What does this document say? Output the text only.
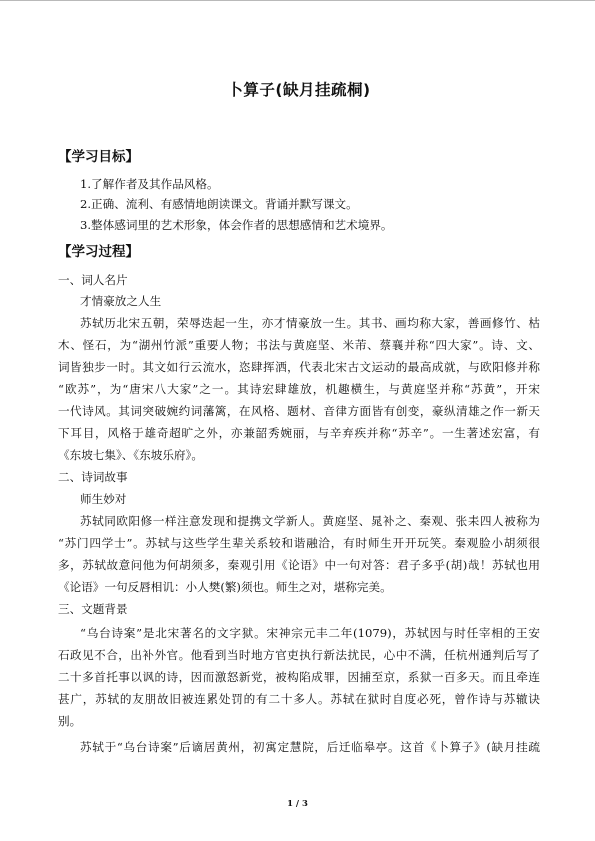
卜算子(缺月挂疏桐)
【学习目标】
1.了解作者及其作品风格。
2.正确、流利、有感情地朗读课文。背诵并默写课文。
3.整体感词里的艺术形象，体会作者的思想感情和艺术境界。
【学习过程】
一、词人名片
才情豪放之人生
苏轼历北宋五朝，荣辱迭起一生，亦才情豪放一生。其书、画均称大家，善画修竹、枯
木、怪石，为“湖州竹派”重要人物；书法与黄庭坚、米芾、蔡襄并称“四大家”。诗、文、
词皆独步一时。其文如行云流水，恣肆挥洒，代表北宋古文运动的最高成就，与欧阳修并称
“欧苏”，为“唐宋八大家”之一。其诗宏肆雄放，机趣横生，与黄庭坚并称“苏黄”，开宋
一代诗风。其词突破婉约词藩篱，在风格、题材、音律方面皆有创变，豪纵清雄之作一新天
下耳目，风格于雄奇超旷之外，亦兼韶秀婉丽，与辛弃疾并称“苏辛”。一生著述宏富，有
《东坡七集》、《东坡乐府》。
二、诗词故事
师生妙对
苏轼同欧阳修一样注意发现和提携文学新人。黄庭坚、晁补之、秦观、张耒四人被称为
“苏门四学士”。苏轼与这些学生辈关系较和谐融洽，有时师生开开玩笑。秦观脸小胡须很
多，苏轼故意问他为何胡须多，秦观引用《论语》中一句对答：君子多乎(胡)哉！苏轼也用
《论语》一句反唇相讥：小人樊(繁)须也。师生之对，堪称完美。
三、文题背景
“乌台诗案”是北宋著名的文字狱。宋神宗元丰二年(1079)，苏轼因与时任宰相的王安
石政见不合，出补外官。他看到当时地方官吏执行新法扰民，心中不满，任杭州通判后写了
二十多首托事以讽的诗，因而激怒新党，被构陷成罪，因捕至京，系狱一百多天。而且牵连
甚广，苏轼的友朋故旧被连累处罚的有二十多人。苏轼在狱时自度必死，曾作诗与苏辙诀
别。
苏轼于“乌台诗案”后谪居黄州，初寓定慧院，后迁临皋亭。这首《卜算子》(缺月挂疏
1 / 3
